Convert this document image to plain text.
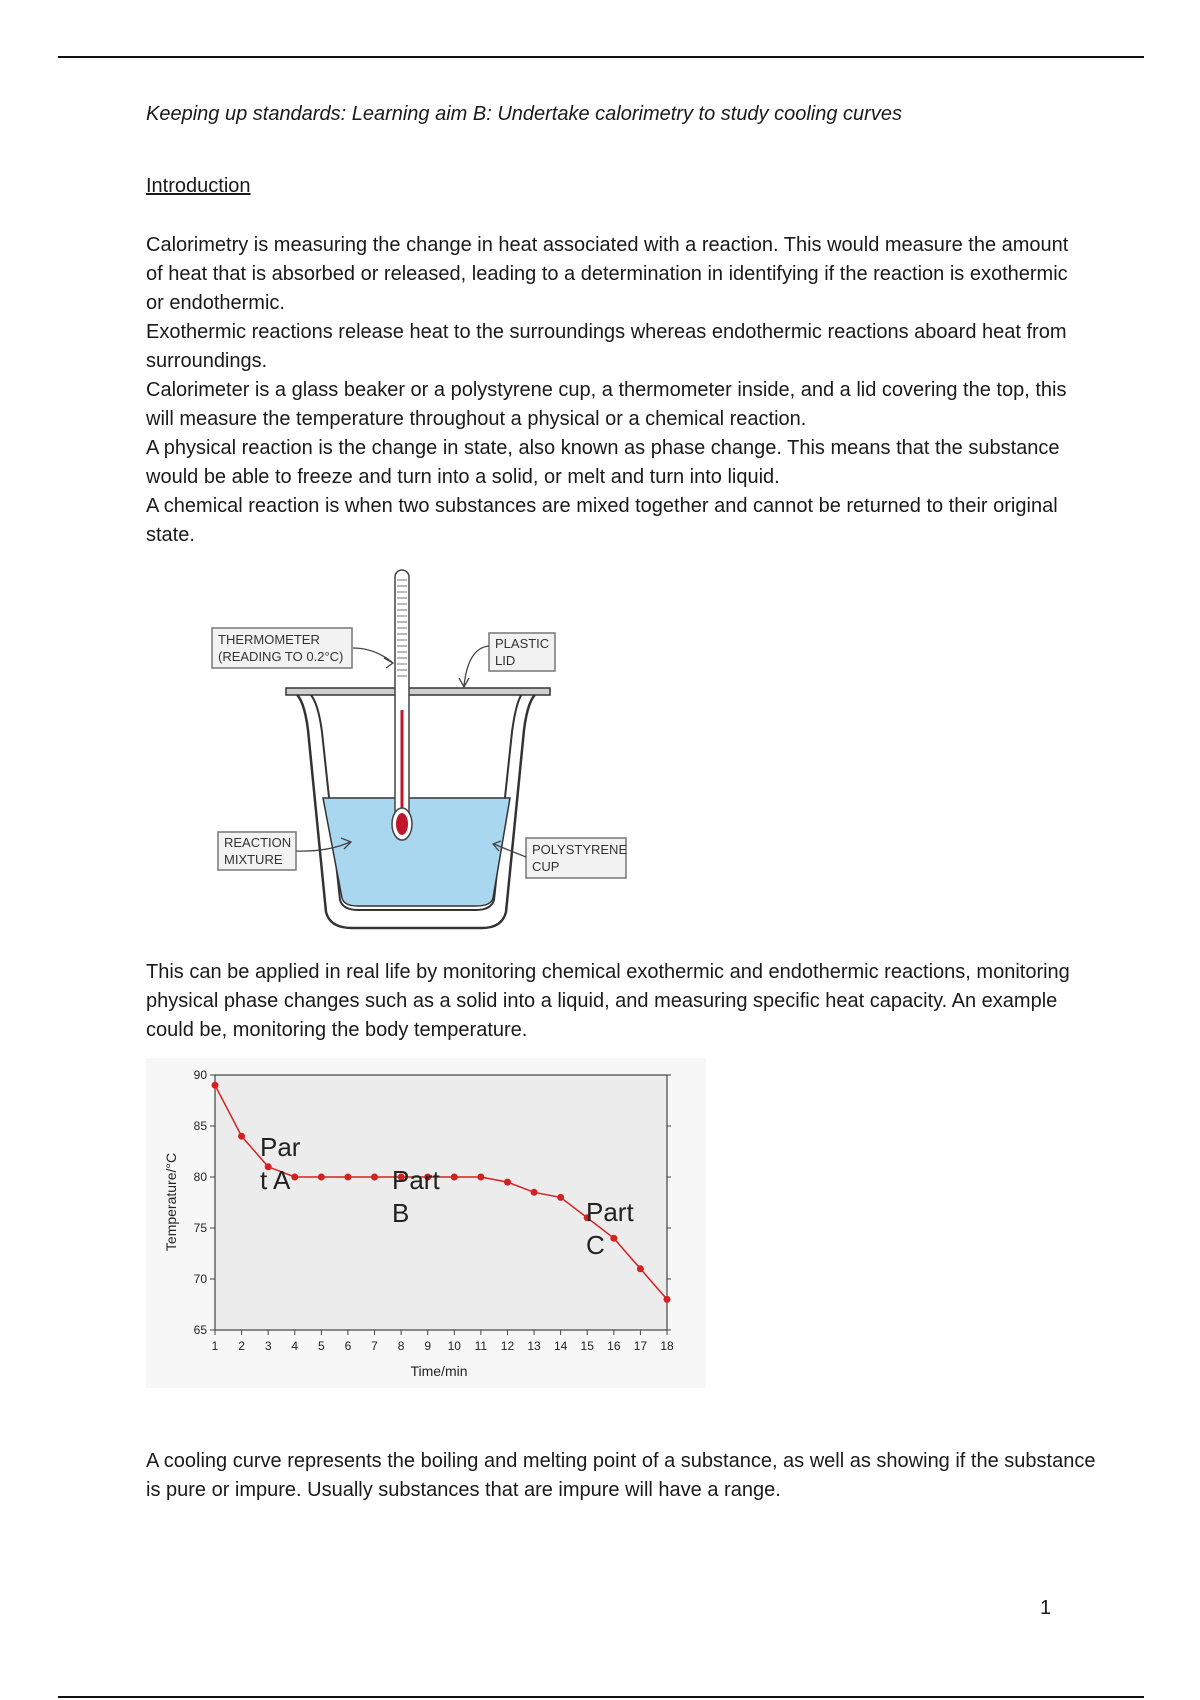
Keeping up standards: Learning aim B: Undertake calorimetry to study cooling curves
Introduction

Calorimetry is measuring the change in heat associated with a reaction. This would measure the amount of heat that is absorbed or released, leading to a determination in identifying if the reaction is exothermic or endothermic.

Exothermic reactions release heat to the surroundings whereas endothermic reactions aboard heat from surroundings.

Calorimeter is a glass beaker or a polystyrene cup, a thermometer inside, and a lid covering the top, this will measure the temperature throughout a physical or a chemical reaction.

A physical reaction is the change in state, also known as phase change. This means that the substance would be able to freeze and turn into a solid, or melt and turn into liquid.

A chemical reaction is when two substances are mixed together and cannot be returned to their original state.

THERMOMETER
(READING TO 0.2°C)
PLASTIC
LID
REACTION
MIXTURE
POLYSTYRENE
CUP

This can be applied in real life by monitoring chemical exothermic and endothermic reactions, monitoring physical phase changes such as a solid into a liquid, and measuring specific heat capacity. An example could be, monitoring the body temperature.

65
70
75
80
85
90
1 2 3 4 5 6 7 8 9 10 11 12 13 14 15 16 17 18
Time/min
Temperature/°C
Par
t A	Part
B	Part
C

A cooling curve represents the boiling and melting point of a substance, as well as showing if the substance is pure or impure. Usually substances that are impure will have a range.

1
